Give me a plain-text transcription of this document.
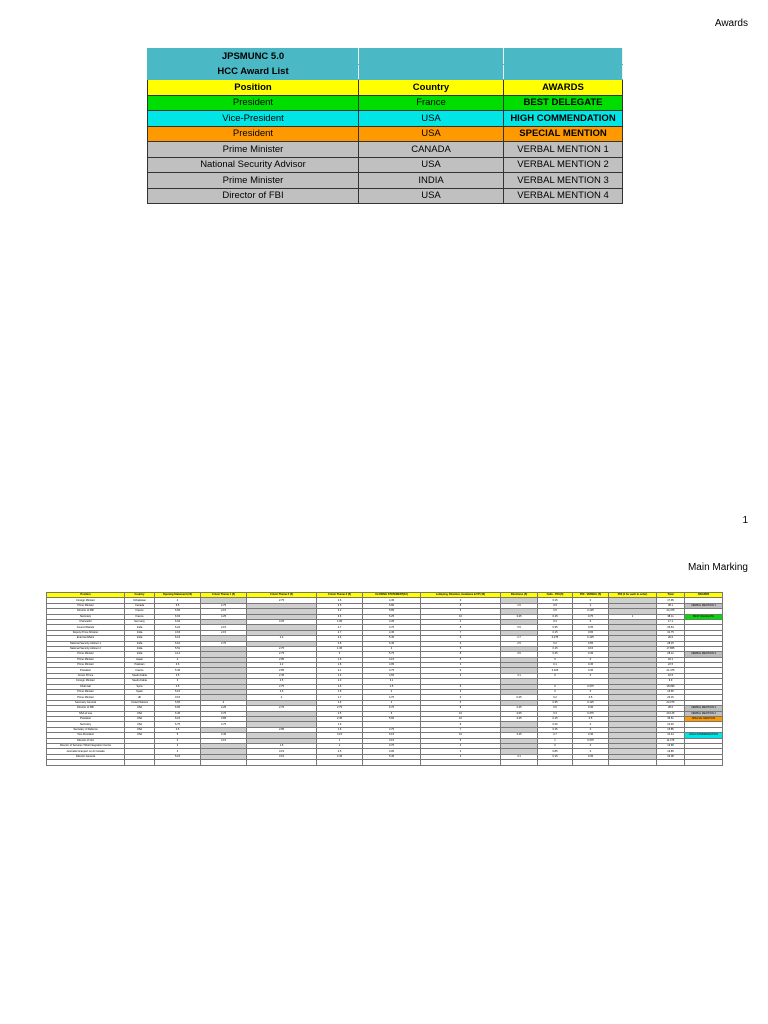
Awards
JPSMUNC 5.0		
HCC Award List		
Position	Country	AWARDS
President	France	BEST DELEGATE
Vice-President	USA	HIGH COMMENDATION
President	USA	SPECIAL MENTION
Prime Minister	CANADA	VERBAL MENTION 1
National Security Advisor	USA	VERBAL MENTION 2
Prime Minister	INDIA	VERBAL MENTION 3
Director of FBI	USA	VERBAL MENTION 4
1
Main Marking
Position	Country	Opening Statement (10)	Crisis/ Theme 1 (5)	Crisis/ Theme 2 (5)	Crisis/ Theme 3 (5)	CLOSING STATEMENT(10)	Lobbying, Directive, Guidance & FP (10)	Directives (5)	Calls - POI (5)	POI - VERBAL (5)	POI (1 for each in order)	Total	AWARDS
Foreign Minister	Uzbekistan	4		2.75	1.6	4.45	3		0.15	0		17.95	
Prime Minister	Canada	6.5	2.75		3.5	6.86	8	1.5	0.5	0		38.1	VERBAL MENTION 1
Director of FBI	France	6.65	2.15		3.2	5.85	6		0.5	0.125		24.475	
Secretary	France	6.63	4.25		3.6	6.25	10	3.25	0.15	0.75	1	38.11	BEST DELEGATE
Chancellor	Germany	6.63		3.25	1.95	4.35	4		0.3	0		17.1	
Council Rebels	India	6.22	2.15		2.7	4.75	8	0.5	0.35	0.35		33.64	
Deputy Prime Minister	India	4.63	2.15		2.7	4.45	7		0.15	0.65		31.75	
External Affairs	India	6.15		2.2	2.6	5.45	5	2.7	0.275	0.125		26.6	
National Security Adviser 1	India	6.61	2.75		2.8	6.45	6	2.5	0.2	0.55		28.15	
National Security Adviser 2	India	5.51		2.75	1.45	4	5		0.15	0.15		17.865	
Prime Minister	India	4.14		2.75	3	5.75	8	3.5	0.45	0.45		28.12	VERBAL MENTION 3
Prime Minister	Japan	4		2.85	1.5	4.15	5		0	0		18.1	
Prime Minister	Pakistan	3.6		2.2	1.8	4.95	3		0.1	0.45		22.5	
President	France	5.45		2.85	2.1	4.75	5		0.325	0.45		21.475	
Crown Prince	Saudi Arabia	3.5		2.45	1.6	4.65	3	3.1	0	0		16.5	
Foreign Minister	Saudi Arabia	3		2.5	1.3	3.1						9.9	
Chairman	Syria	4.5		2.75	1.6	4.5	5		0	0.375		18.095	
Prime Minister	Spain	5.15		2.5	1.5	4	3		0	0		16.65	
Prime Minister	UK	3.15		2	1.7	4.75	3	0.25	0.2	0.5		20.15	
Secretary General	United Nations	6.65	4		1.6	4	6		0.35	0.125		23.275	
Director of FBI	USA	6.65	2.25	2.75	2.75	6.75	8	2.25	0.5	0.45		28.6	VERBAL MENTION 4
NSA of usa	USA	6.45	3.75		2.5	6	10	3.65	0.3	0.375		29.125	VERBAL MENTION 2
President	USA	6.15	3.85		2.45	5.65	10	3.45	0.15	0.5		35.61	SPECIAL MENTION
Secretary	USA	6.75	4.75		1.6		8		0.25	0		22.45	
Secretary of Defence	USA	4.5		2.85	1.6	4.75	7		0.45	0		15.85	
Vice-President	USA	5	3.45		3.15	6.15	10	3.25	0.7	0.45		31.44	HIGH COMMENDATION
Director of CIA		3	2.15		1	3.15	5		1	0.375		11.475	
Director of Services Tribal Integration Centre		2		1.5	1	3.75	4		0	0		13.65	
Journalist & Expert on AI Canada		3		3.15	2.5	4.95	3		0.85	0		19.85	
Director General		5.15		3.15	2.45	5.45	3	3.1	0.15	0.35		23.08	
